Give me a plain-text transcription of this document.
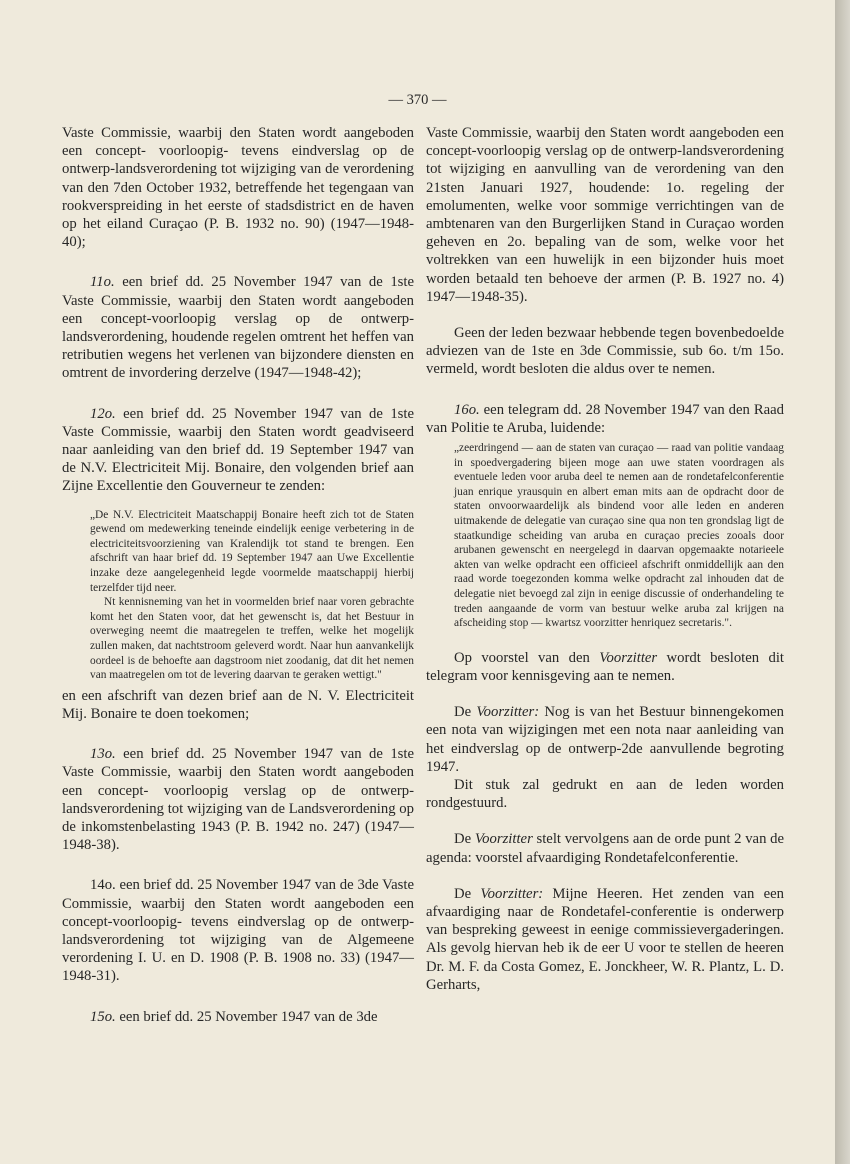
— 370 —

Vaste Commissie, waarbij den Staten wordt aangeboden een concept- voorloopig- tevens eindverslag op de ontwerp-landsverordening tot wijziging van de verordening van den 7den October 1932, betreffende het tegengaan van rookverspreiding in het eerste of stadsdistrict en de haven op het eiland Curaçao (P. B. 1932 no. 90) (1947—1948-40);

11o. een brief dd. 25 November 1947 van de 1ste Vaste Commissie, waarbij den Staten wordt aangeboden een concept-voorloopig verslag op de ontwerp-landsverordening, houdende regelen omtrent het heffen van retributien wegens het verlenen van bijzondere diensten en omtrent de invordering derzelve (1947—1948-42);

12o. een brief dd. 25 November 1947 van de 1ste Vaste Commissie, waarbij den Staten wordt geadviseerd naar aanleiding van den brief dd. 19 September 1947 van de N.V. Electriciteit Mij. Bonaire, den volgenden brief aan Zijne Excellentie den Gouverneur te zenden:

„De N.V. Electriciteit Maatschappij Bonaire heeft zich tot de Staten gewend om medewerking teneinde eindelijk eenige verbetering in de electriciteitsvoorziening van Kralendijk tot stand te brengen. Een afschrift van haar brief dd. 19 September 1947 aan Uwe Excellentie inzake deze aangelegenheid legde voormelde maatschappij hierbij terzelfder tijd neer.

Nt kennisneming van het in voormelden brief naar voren gebrachte komt het den Staten voor, dat het gewenscht is, dat het Bestuur in overweging neemt die maatregelen te treffen, welke het mogelijk zullen maken, dat nachtstroom geleverd wordt. Naar hun aanvankelijk oordeel is de behoefte aan dagstroom niet zoodanig, dat dit het nemen van maatregelen om tot de levering daarvan te geraken wettigt."

en een afschrift van dezen brief aan de N. V. Electriciteit Mij. Bonaire te doen toekomen;

13o. een brief dd. 25 November 1947 van de 1ste Vaste Commissie, waarbij den Staten wordt aangeboden een concept- voorloopig verslag op de ontwerp-landsverordening tot wijziging van de Landsverordening op de inkomstenbelasting 1943 (P. B. 1942 no. 247) (1947—1948-38).

14o. een brief dd. 25 November 1947 van de 3de Vaste Commissie, waarbij den Staten wordt aangeboden een concept-voorloopig- tevens eindverslag op de ontwerp-landsverordening tot wijziging van de Algemeene verordening I. U. en D. 1908 (P. B. 1908 no. 33) (1947—1948-31).

15o. een brief dd. 25 November 1947 van de 3de

Vaste Commissie, waarbij den Staten wordt aangeboden een concept-voorloopig verslag op de ontwerp-landsverordening tot wijziging en aanvulling van de verordening van den 21sten Januari 1927, houdende: 1o. regeling der emolumenten, welke voor sommige verrichtingen van de ambtenaren van den Burgerlijken Stand in Curaçao worden geheven en 2o. bepaling van de som, welke voor het voltrekken van een huwelijk in een bijzonder huis moet worden betaald ten behoeve der armen (P. B. 1927 no. 4) 1947—1948-35).

Geen der leden bezwaar hebbende tegen bovenbedoelde adviezen van de 1ste en 3de Commissie, sub 6o. t/m 15o. vermeld, wordt besloten die aldus over te nemen.

16o. een telegram dd. 28 November 1947 van den Raad van Politie te Aruba, luidende:

„zeerdringend — aan de staten van curaçao — raad van politie vandaag in spoedvergadering bijeen moge aan uwe staten voordragen als eventuele leden voor aruba deel te nemen aan de rondetafelconferentie juan enrique yrausquin en albert eman mits aan de opdracht door de staten onvoorwaardelijk als bindend voor alle leden en anderen uitmakende de delegatie van curaçao sine qua non ten grondslag ligt de staatkundige scheiding van aruba en curaçao precies zooals door arubanen gewenscht en neergelegd in daarvan opgemaakte notarieele akten van welke opdracht een officieel afschrift onmiddellijk aan den raad worde toegezonden komma welke opdracht zal inhouden dat de delegatie niet bevoegd zal zijn in eenige discussie of onderhandeling te treden aangaande de vorm van bestuur welke aruba zal krijgen na afscheiding stop — kwartsz voorzitter henriquez secretaris.".

Op voorstel van den Voorzitter wordt besloten dit telegram voor kennisgeving aan te nemen.

De Voorzitter: Nog is van het Bestuur binnengekomen een nota van wijzigingen met een nota naar aanleiding van het eindverslag op de ontwerp-2de aanvullende begroting 1947.

Dit stuk zal gedrukt en aan de leden worden rondgestuurd.

De Voorzitter stelt vervolgens aan de orde punt 2 van de agenda: voorstel afvaardiging Rondetafelconferentie.

De Voorzitter: Mijne Heeren. Het zenden van een afvaardiging naar de Rondetafel-conferentie is onderwerp van bespreking geweest in eenige commissievergaderingen. Als gevolg hiervan heb ik de eer U voor te stellen de heeren Dr. M. F. da Costa Gomez, E. Jonckheer, W. R. Plantz, L. D. Gerharts,
